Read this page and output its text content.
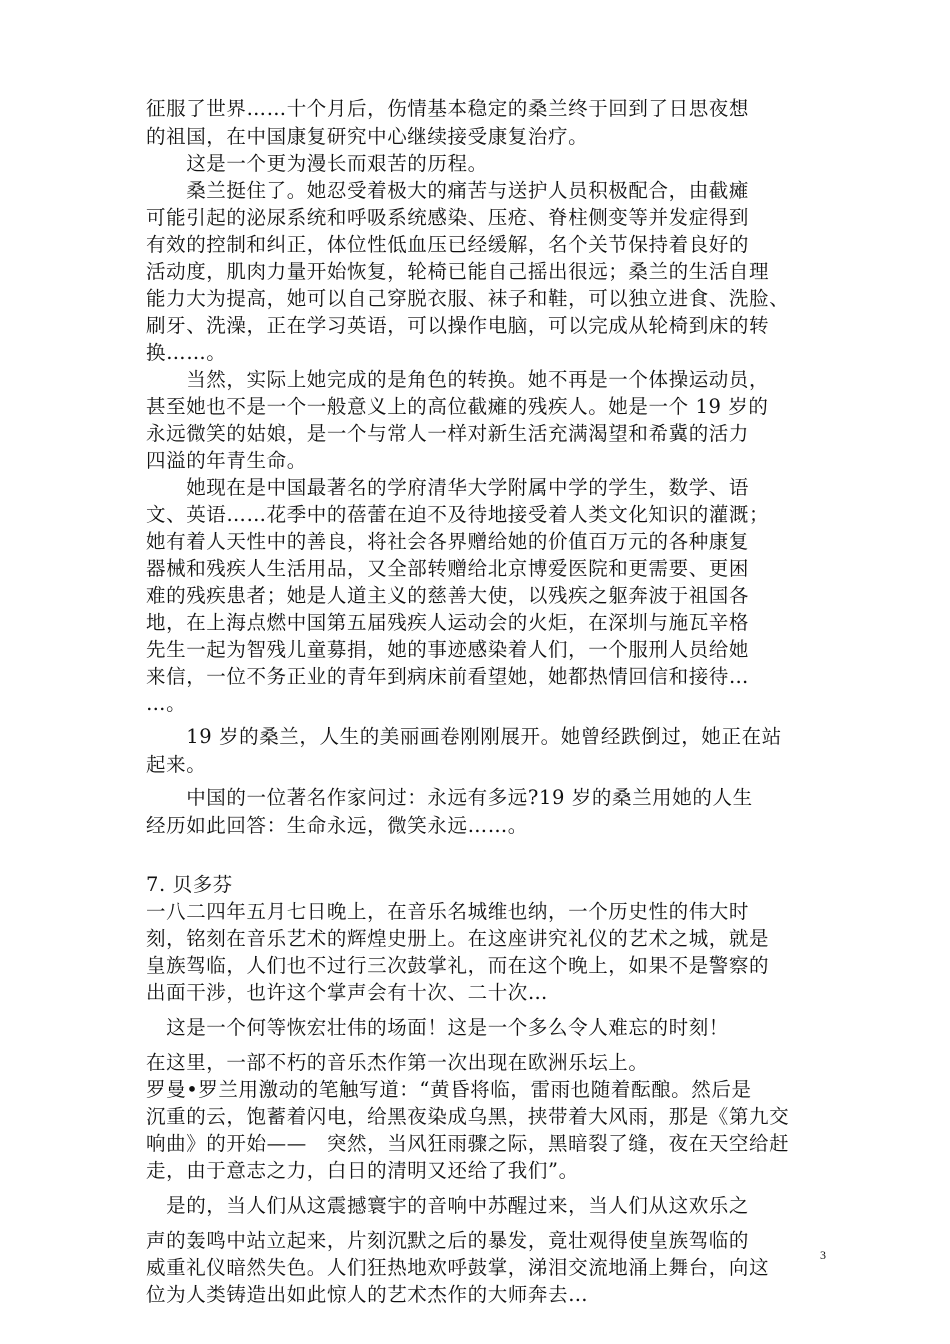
征服了世界……十个月后，伤情基本稳定的桑兰终于回到了日思夜想
的祖国，在中国康复研究中心继续接受康复治疗。
　　这是一个更为漫长而艰苦的历程。
　　桑兰挺住了。她忍受着极大的痛苦与送护人员积极配合，由截瘫
可能引起的泌尿系统和呼吸系统感染、压疮、脊柱侧变等并发症得到
有效的控制和纠正，体位性低血压已经缓解，名个关节保持着良好的
活动度，肌肉力量开始恢复，轮椅已能自己摇出很远；桑兰的生活自理
能力大为提高，她可以自己穿脱衣服、袜子和鞋，可以独立进食、洗脸、
刷牙、洗澡，正在学习英语，可以操作电脑，可以完成从轮椅到床的转
换……。
　　当然，实际上她完成的是角色的转换。她不再是一个体操运动员，
甚至她也不是一个一般意义上的高位截瘫的残疾人。她是一个 19 岁的
永远微笑的姑娘，是一个与常人一样对新生活充满渴望和希冀的活力
四溢的年青生命。
　　她现在是中国最著名的学府清华大学附属中学的学生，数学、语
文、英语……花季中的蓓蕾在迫不及待地接受着人类文化知识的灌溉；
她有着人天性中的善良，将社会各界赠给她的价值百万元的各种康复
器械和残疾人生活用品，又全部转赠给北京博爱医院和更需要、更困
难的残疾患者；她是人道主义的慈善大使，以残疾之躯奔波于祖国各
地，在上海点燃中国第五届残疾人运动会的火炬，在深圳与施瓦辛格
先生一起为智残儿童募捐，她的事迹感染着人们，一个服刑人员给她
来信，一位不务正业的青年到病床前看望她，她都热情回信和接待…
…。
　　19 岁的桑兰，人生的美丽画卷刚刚展开。她曾经跌倒过，她正在站
起来。
　　中国的一位著名作家问过：永远有多远?19 岁的桑兰用她的人生
经历如此回答：生命永远，微笑永远……。
7. 贝多芬
一八二四年五月七日晚上，在音乐名城维也纳，一个历史性的伟大时
刻，铭刻在音乐艺术的辉煌史册上。在这座讲究礼仪的艺术之城，就是
皇族驾临，人们也不过行三次鼓掌礼，而在这个晚上，如果不是警察的
出面干涉，也许这个掌声会有十次、二十次…
　这是一个何等恢宏壮伟的场面！这是一个多么令人难忘的时刻！
在这里，一部不朽的音乐杰作第一次出现在欧洲乐坛上。
罗曼•罗兰用激动的笔触写道：“黄昏将临，雷雨也随着酝酿。然后是
沉重的云，饱蓄着闪电，给黑夜染成乌黑，挟带着大风雨，那是《第九交
响曲》的开始——　突然，当风狂雨骤之际，黑暗裂了缝，夜在天空给赶
走，由于意志之力，白日的清明又还给了我们”。
　是的，当人们从这震撼寰宇的音响中苏醒过来，当人们从这欢乐之
声的轰鸣中站立起来，片刻沉默之后的暴发，竟壮观得使皇族驾临的
威重礼仪暗然失色。人们狂热地欢呼鼓掌，涕泪交流地涌上舞台，向这
位为人类铸造出如此惊人的艺术杰作的大师奔去…
3
